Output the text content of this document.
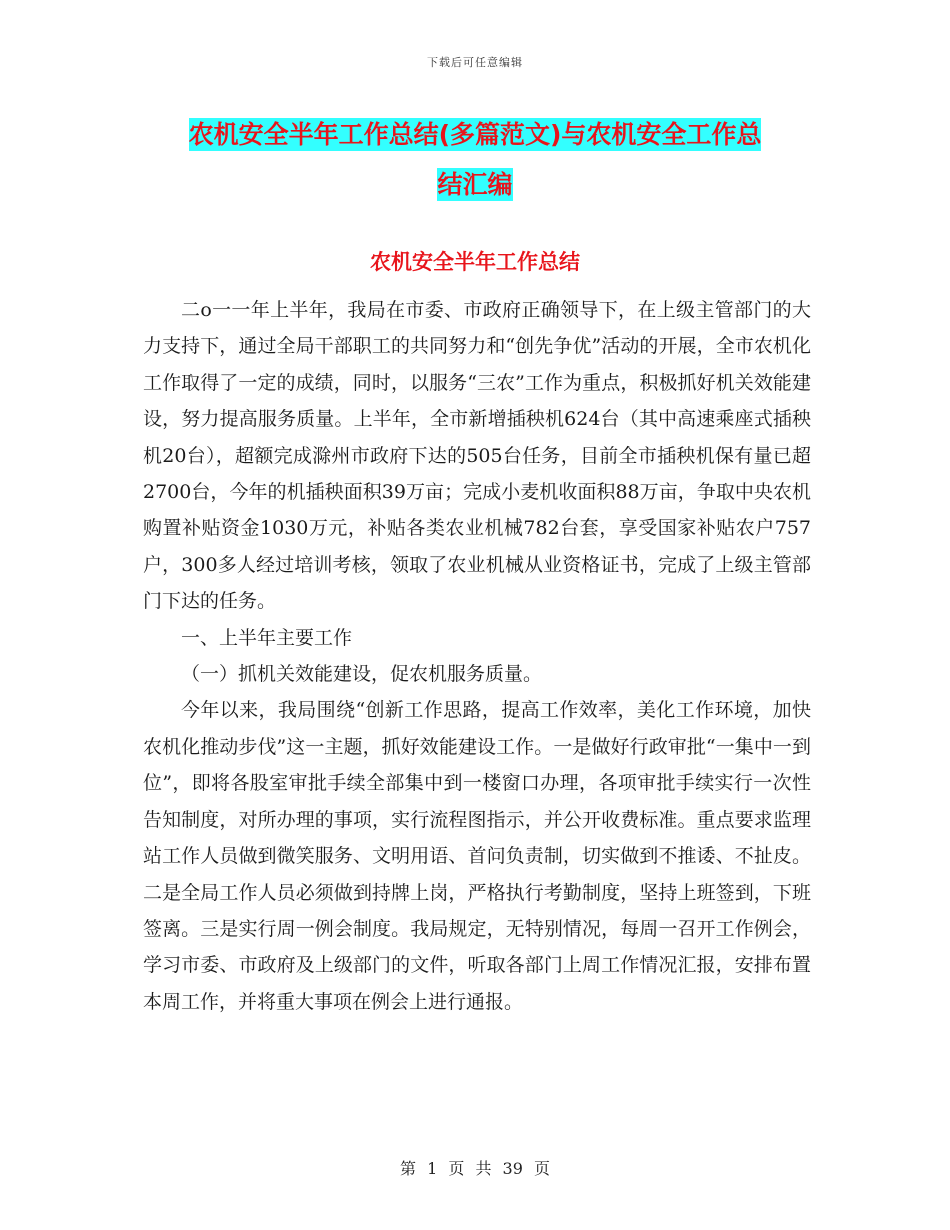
下载后可任意编辑
农机安全半年工作总结(多篇范文)与农机安全工作总
结汇编
农机安全半年工作总结

二o一一年上半年，我局在市委、市政府正确领导下，在上级主管部门的大力支持下，通过全局干部职工的共同努力和“创先争优”活动的开展，全市农机化工作取得了一定的成绩，同时，以服务“三农”工作为重点，积极抓好机关效能建设，努力提高服务质量。上半年，全市新增插秧机624台（其中高速乘座式插秧机20台），超额完成滁州市政府下达的505台任务，目前全市插秧机保有量已超2700台，今年的机插秧面积39万亩；完成小麦机收面积88万亩，争取中央农机购置补贴资金1030万元，补贴各类农业机械782台套，享受国家补贴农户757户，300多人经过培训考核，领取了农业机械从业资格证书，完成了上级主管部门下达的任务。

一、上半年主要工作

（一）抓机关效能建设，促农机服务质量。

今年以来，我局围绕“创新工作思路，提高工作效率，美化工作环境，加快农机化推动步伐”这一主题，抓好效能建设工作。一是做好行政审批“一集中一到位”，即将各股室审批手续全部集中到一楼窗口办理，各项审批手续实行一次性告知制度，对所办理的事项，实行流程图指示，并公开收费标准。重点要求监理站工作人员做到微笑服务、文明用语、首问负责制，切实做到不推诿、不扯皮。二是全局工作人员必须做到持牌上岗，严格执行考勤制度，坚持上班签到，下班签离。三是实行周一例会制度。我局规定，无特别情况，每周一召开工作例会，学习市委、市政府及上级部门的文件，听取各部门上周工作情况汇报，安排布置本周工作，并将重大事项在例会上进行通报。

第 1 页 共 39 页
